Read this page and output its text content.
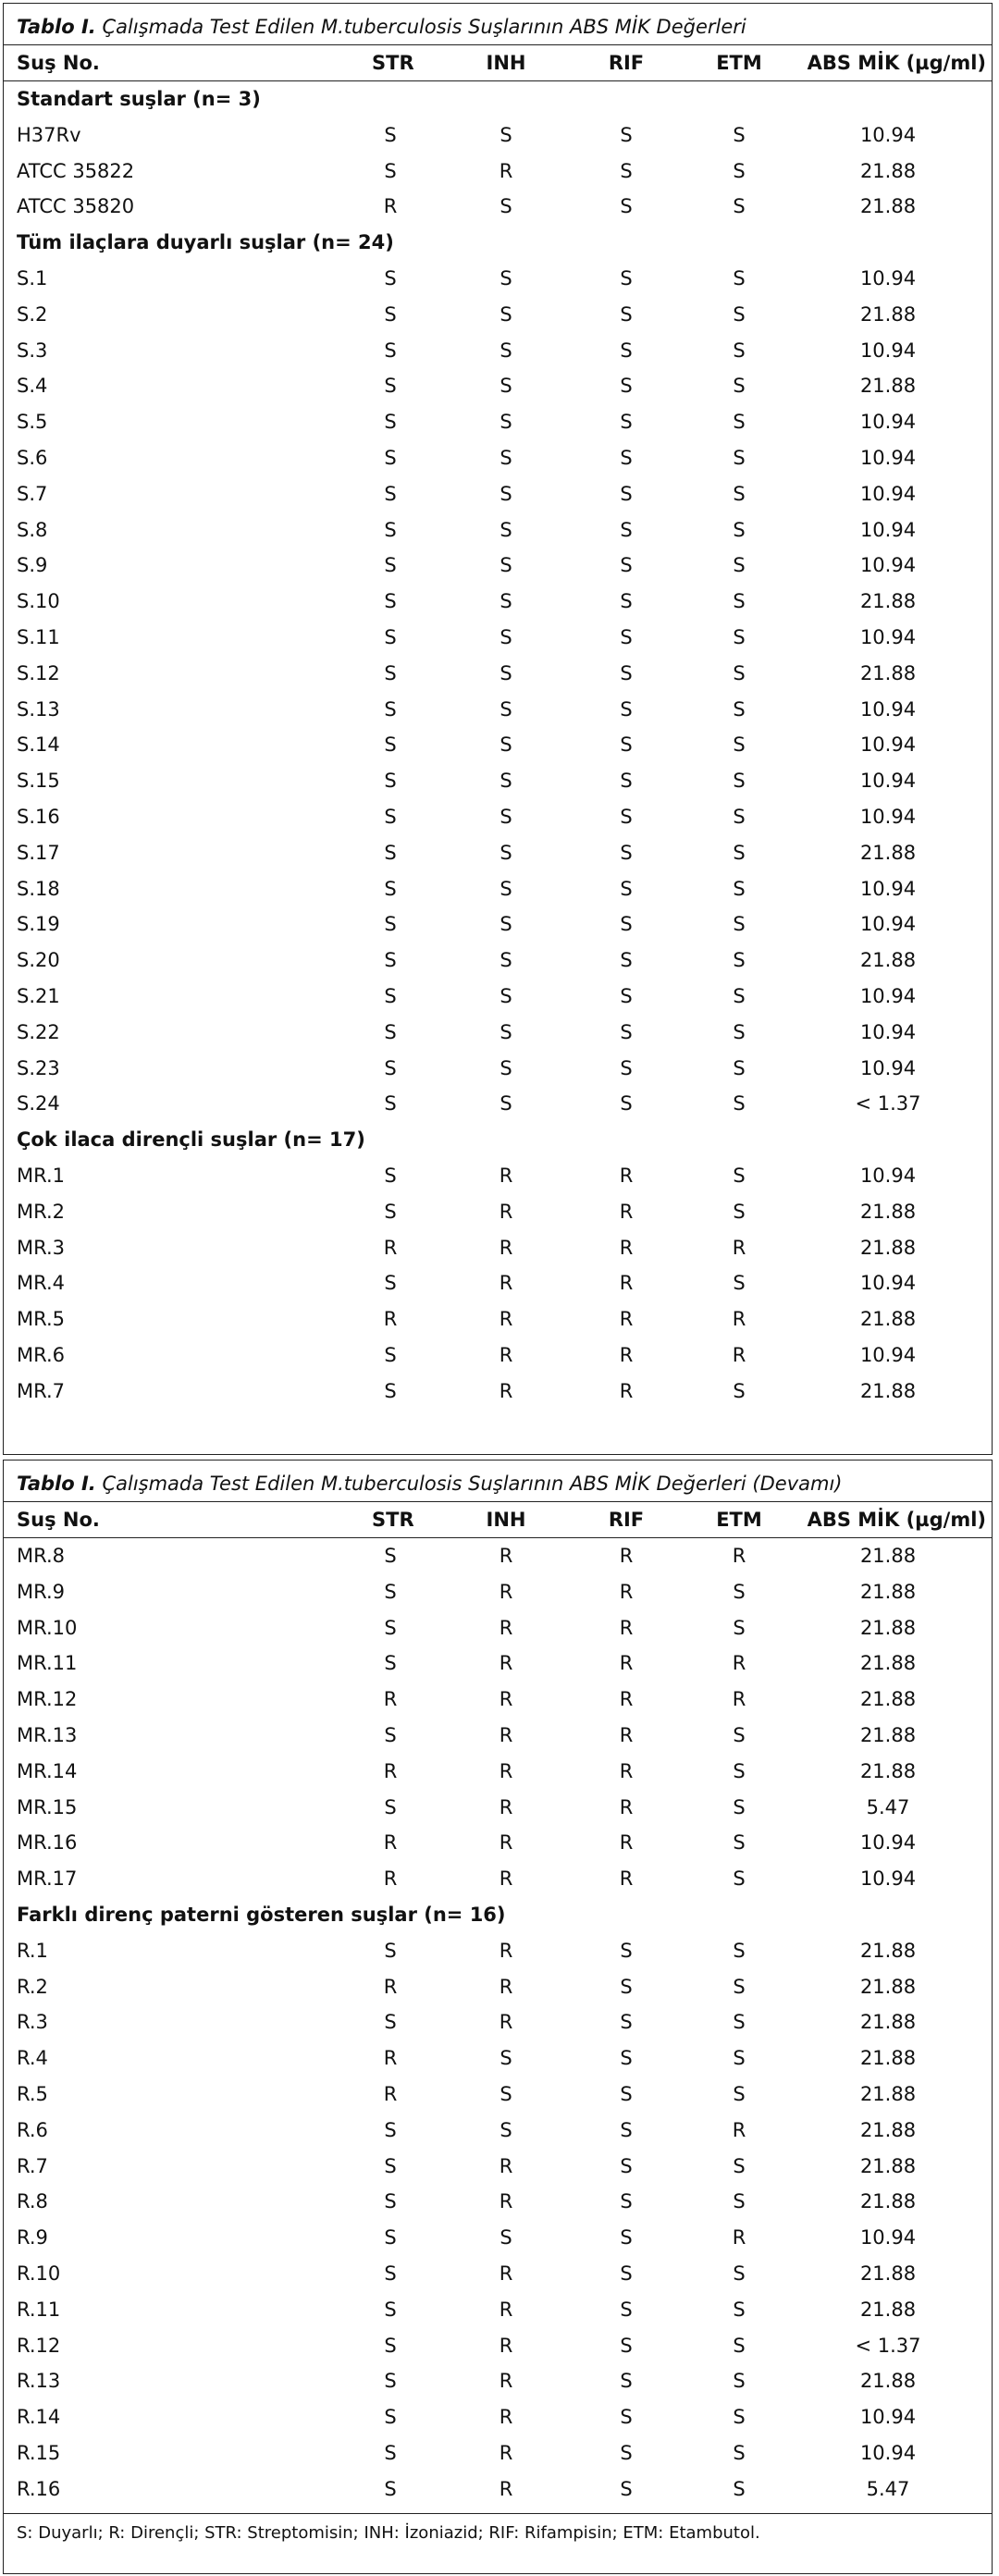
Tablo I. Çalışmada Test Edilen M.tuberculosis Suşlarının ABS MİK Değerleri
Suş No.	STR	INH	RIF	ETM	ABS MİK (µg/ml)
Standart suşlar (n= 3)
H37Rv	S	S	S	S	10.94
ATCC 35822	S	R	S	S	21.88
ATCC 35820	R	S	S	S	21.88
Tüm ilaçlara duyarlı suşlar (n= 24)
S.1	S	S	S	S	10.94
S.2	S	S	S	S	21.88
S.3	S	S	S	S	10.94
S.4	S	S	S	S	21.88
S.5	S	S	S	S	10.94
S.6	S	S	S	S	10.94
S.7	S	S	S	S	10.94
S.8	S	S	S	S	10.94
S.9	S	S	S	S	10.94
S.10	S	S	S	S	21.88
S.11	S	S	S	S	10.94
S.12	S	S	S	S	21.88
S.13	S	S	S	S	10.94
S.14	S	S	S	S	10.94
S.15	S	S	S	S	10.94
S.16	S	S	S	S	10.94
S.17	S	S	S	S	21.88
S.18	S	S	S	S	10.94
S.19	S	S	S	S	10.94
S.20	S	S	S	S	21.88
S.21	S	S	S	S	10.94
S.22	S	S	S	S	10.94
S.23	S	S	S	S	10.94
S.24	S	S	S	S	< 1.37
Çok ilaca dirençli suşlar (n= 17)
MR.1	S	R	R	S	10.94
MR.2	S	R	R	S	21.88
MR.3	R	R	R	R	21.88
MR.4	S	R	R	S	10.94
MR.5	R	R	R	R	21.88
MR.6	S	R	R	R	10.94
MR.7	S	R	R	S	21.88
Tablo I. Çalışmada Test Edilen M.tuberculosis Suşlarının ABS MİK Değerleri (Devamı)
Suş No.	STR	INH	RIF	ETM	ABS MİK (µg/ml)
MR.8	S	R	R	R	21.88
MR.9	S	R	R	S	21.88
MR.10	S	R	R	S	21.88
MR.11	S	R	R	R	21.88
MR.12	R	R	R	R	21.88
MR.13	S	R	R	S	21.88
MR.14	R	R	R	S	21.88
MR.15	S	R	R	S	5.47
MR.16	R	R	R	S	10.94
MR.17	R	R	R	S	10.94
Farklı direnç paterni gösteren suşlar (n= 16)
R.1	S	R	S	S	21.88
R.2	R	R	S	S	21.88
R.3	S	R	S	S	21.88
R.4	R	S	S	S	21.88
R.5	R	S	S	S	21.88
R.6	S	S	S	R	21.88
R.7	S	R	S	S	21.88
R.8	S	R	S	S	21.88
R.9	S	S	S	R	10.94
R.10	S	R	S	S	21.88
R.11	S	R	S	S	21.88
R.12	S	R	S	S	< 1.37
R.13	S	R	S	S	21.88
R.14	S	R	S	S	10.94
R.15	S	R	S	S	10.94
R.16	S	R	S	S	5.47
S: Duyarlı; R: Dirençli; STR: Streptomisin; INH: İzoniazid; RIF: Rifampisin; ETM: Etambutol.
